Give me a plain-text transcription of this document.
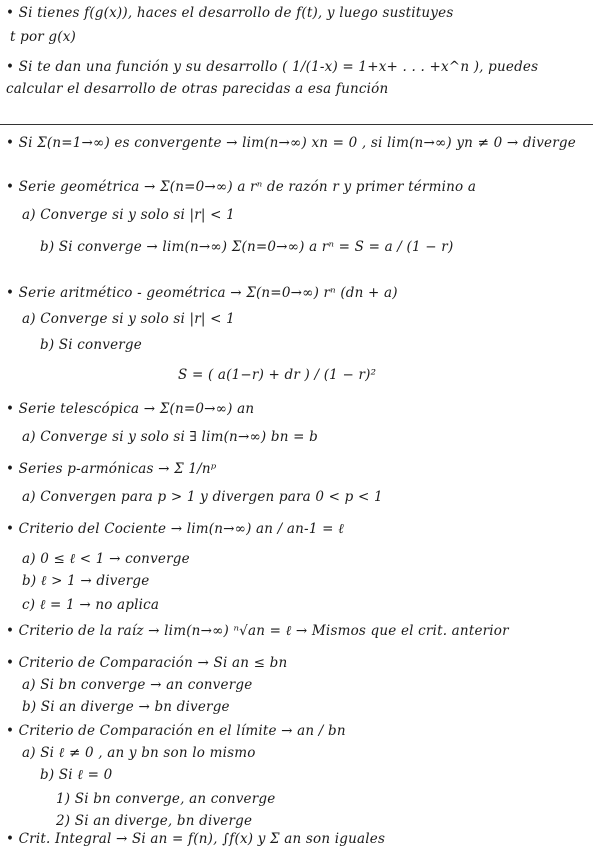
• Si tienes f(g(x)), haces el desarrollo de f(t), y luego sustituyes
t por g(x)
• Si te dan una función y su desarrollo ( 1/(1-x) = 1+x+ . . . +x^n ), puedes
calcular el desarrollo de otras parecidas a esa función
• Si Σ(n=1→∞) es convergente → lim(n→∞) xn = 0 , si lim(n→∞) yn ≠ 0 → diverge
• Serie geométrica → Σ(n=0→∞) a rⁿ de razón r y primer término a
a) Converge si y solo si |r| < 1
b) Si converge → lim(n→∞) Σ(n=0→∞) a rⁿ = S = a / (1 − r)
• Serie aritmético - geométrica → Σ(n=0→∞) rⁿ (dn + a)
a) Converge si y solo si |r| < 1
b) Si converge
S = ( a(1−r) + dr ) / (1 − r)²
• Serie telescópica → Σ(n=0→∞) an
a) Converge si y solo si ∃ lim(n→∞) bn = b
• Series p-armónicas → Σ 1/nᵖ
a) Convergen para p > 1 y divergen para 0 < p < 1
• Criterio del Cociente → lim(n→∞) an / an-1 = ℓ
a) 0 ≤ ℓ < 1 → converge
b) ℓ > 1 → diverge
c) ℓ = 1 → no aplica
• Criterio de la raíz → lim(n→∞) ⁿ√an = ℓ → Mismos que el crit. anterior
• Criterio de Comparación → Si an ≤ bn
a) Si bn converge → an converge
b) Si an diverge → bn diverge
• Criterio de Comparación en el límite → an / bn
a) Si ℓ ≠ 0 , an y bn son lo mismo
b) Si ℓ = 0
1) Si bn converge, an converge
2) Si an diverge, bn diverge
• Crit. Integral → Si an = f(n), ∫f(x) y Σ an son iguales
